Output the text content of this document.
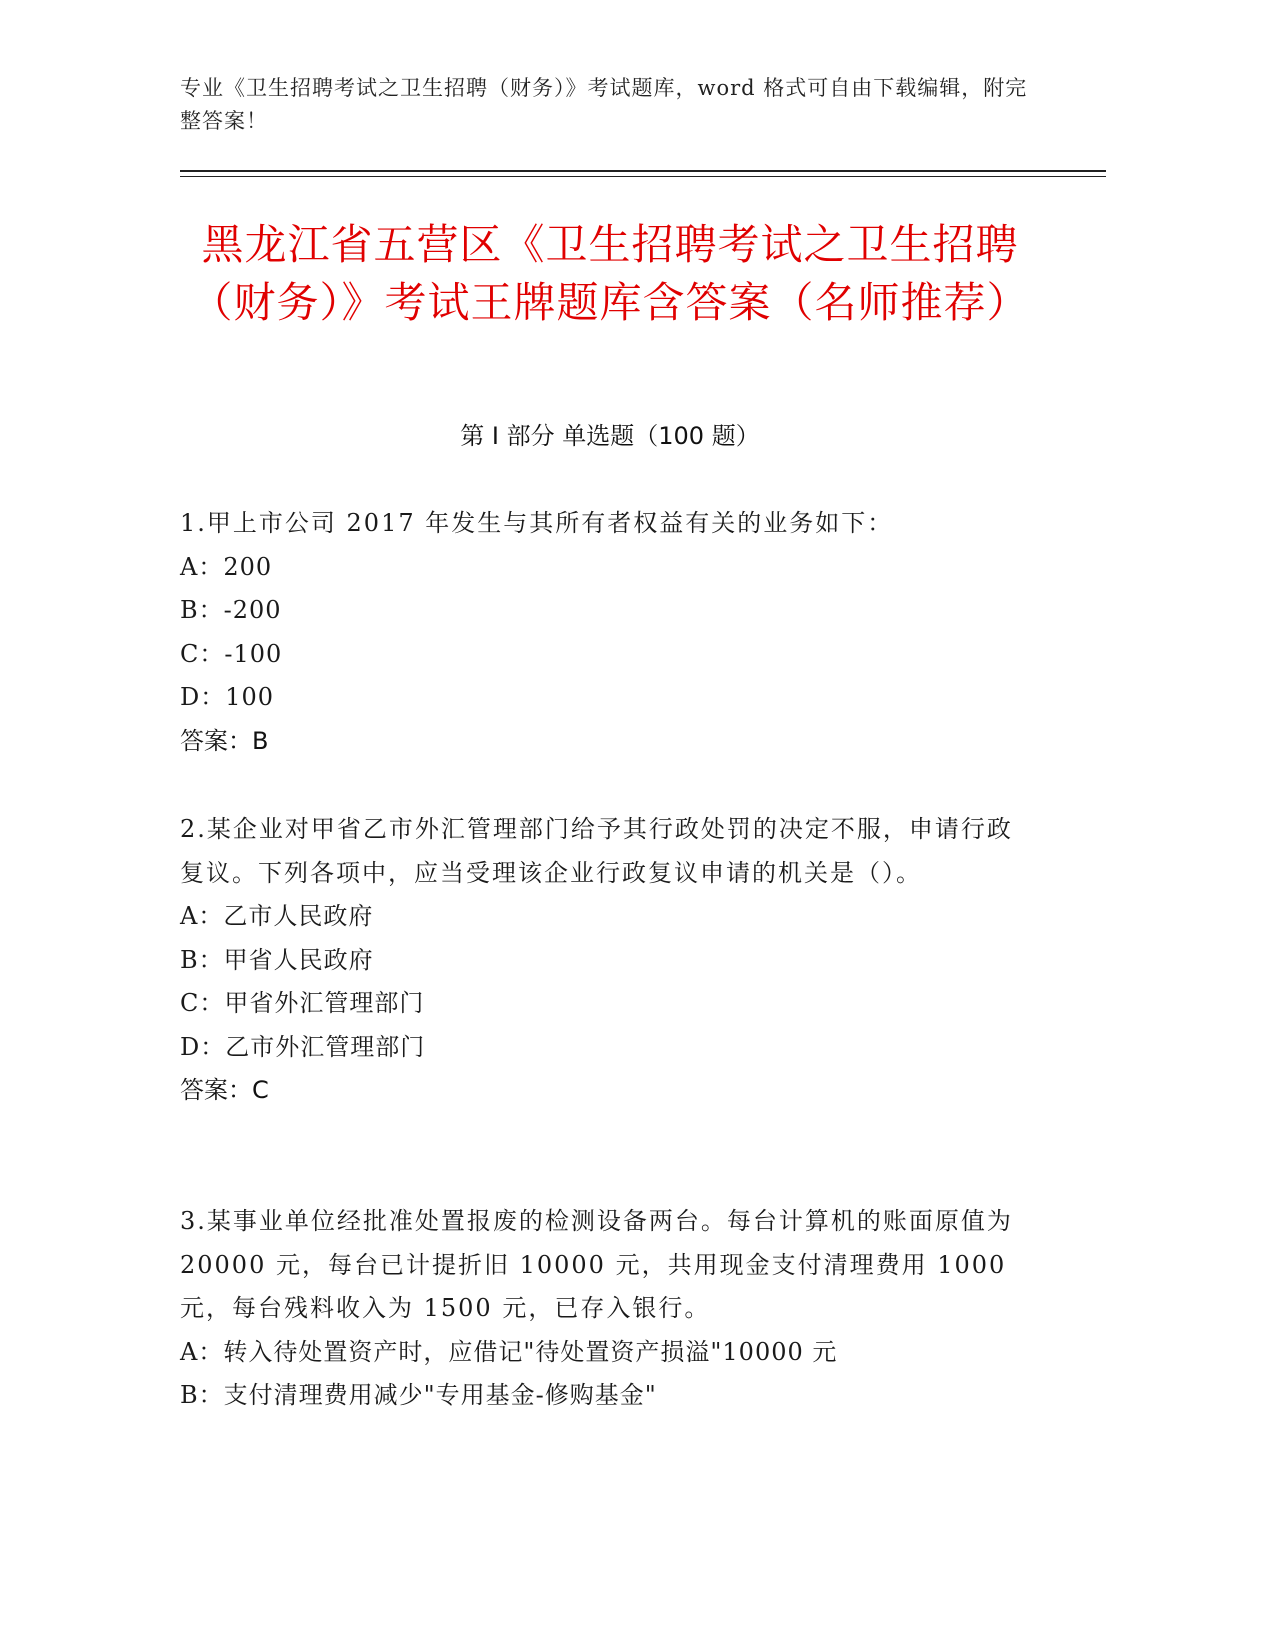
专业《卫生招聘考试之卫生招聘（财务）》考试题库，word 格式可自由下载编辑，附完整答案！
黑龙江省五营区《卫生招聘考试之卫生招聘（财务）》考试王牌题库含答案（名师推荐）
第 I 部分 单选题（100 题）

1.甲上市公司 2017 年发生与其所有者权益有关的业务如下：

A：200

B：-200

C：-100

D：100

答案：B

2.某企业对甲省乙市外汇管理部门给予其行政处罚的决定不服，申请行政复议。下列各项中，应当受理该企业行政复议申请的机关是（）。

A：乙市人民政府

B：甲省人民政府

C：甲省外汇管理部门

D：乙市外汇管理部门

答案：C

3.某事业单位经批准处置报废的检测设备两台。每台计算机的账面原值为 20000 元，每台已计提折旧 10000 元，共用现金支付清理费用 1000 元，每台残料收入为 1500 元，已存入银行。

A：转入待处置资产时，应借记"待处置资产损溢"10000 元

B：支付清理费用减少"专用基金-修购基金"
